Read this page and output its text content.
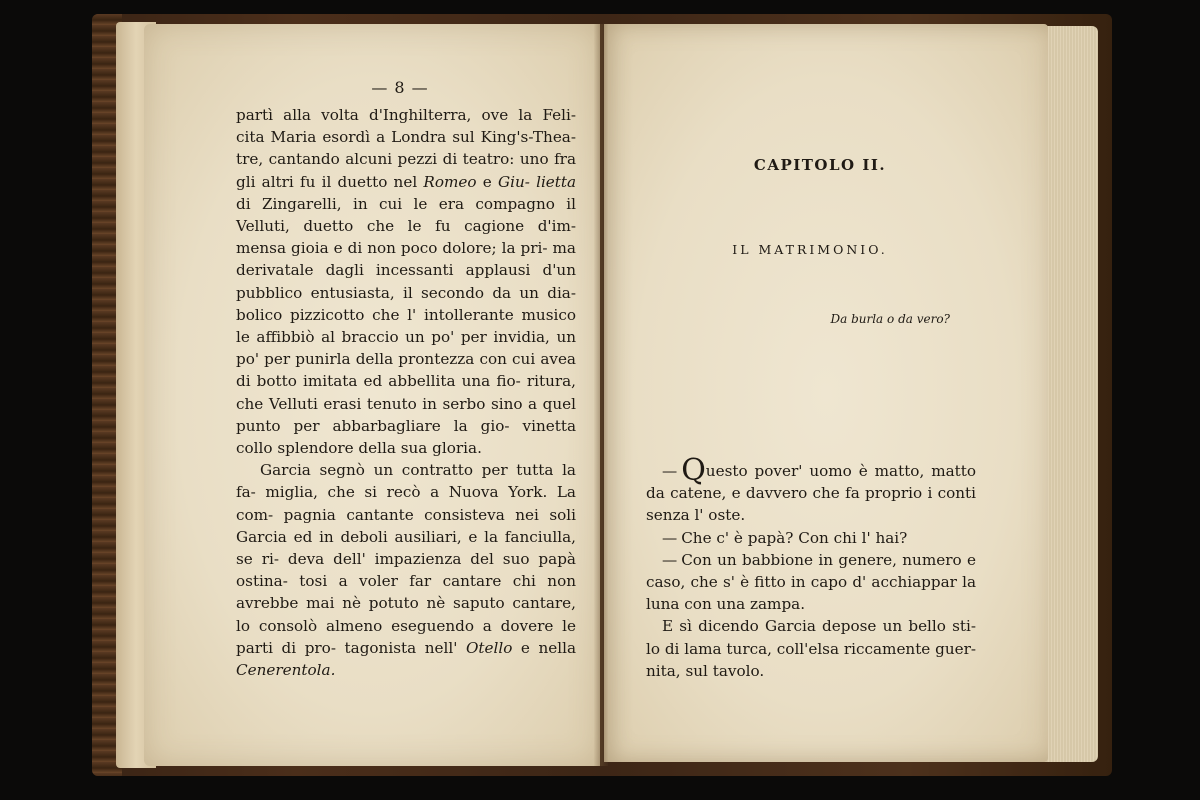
— 8 —

partì alla volta d'Inghilterra, ove la Feli- cita Maria esordì a Londra sul King's-Thea- tre, cantando alcuni pezzi di teatro: uno fra gli altri fu il duetto nel Romeo e Giu- lietta di Zingarelli, in cui le era compagno il Velluti, duetto che le fu cagione d'im- mensa gioia e di non poco dolore; la pri- ma derivatale dagli incessanti applausi d'un pubblico entusiasta, il secondo da un dia- bolico pizzicotto che l' intollerante musico le affibbiò al braccio un po' per invidia, un po' per punirla della prontezza con cui avea di botto imitata ed abbellita una fio- ritura, che Velluti erasi tenuto in serbo sino a quel punto per abbarbagliare la gio- vinetta collo splendore della sua gloria.

Garcia segnò un contratto per tutta la fa- miglia, che si recò a Nuova York. La com- pagnia cantante consisteva nei soli Garcia ed in deboli ausiliari, e la fanciulla, se ri- deva dell' impazienza del suo papà ostina- tosi a voler far cantare chi non avrebbe mai nè potuto nè saputo cantare, lo consolò almeno eseguendo a dovere le parti di pro- tagonista nell' Otello e nella Cenerentola.

CAPITOLO II.
IL MATRIMONIO.
Da burla o da vero?

— Questo pover' uomo è matto, matto da catene, e davvero che fa proprio i conti senza l' oste.

— Che c' è papà? Con chi l' hai?

— Con un babbione in genere, numero e caso, che s' è fitto in capo d' acchiappar la luna con una zampa.

E sì dicendo Garcia depose un bello sti- lo di lama turca, coll'elsa riccamente guer- nita, sul tavolo.
